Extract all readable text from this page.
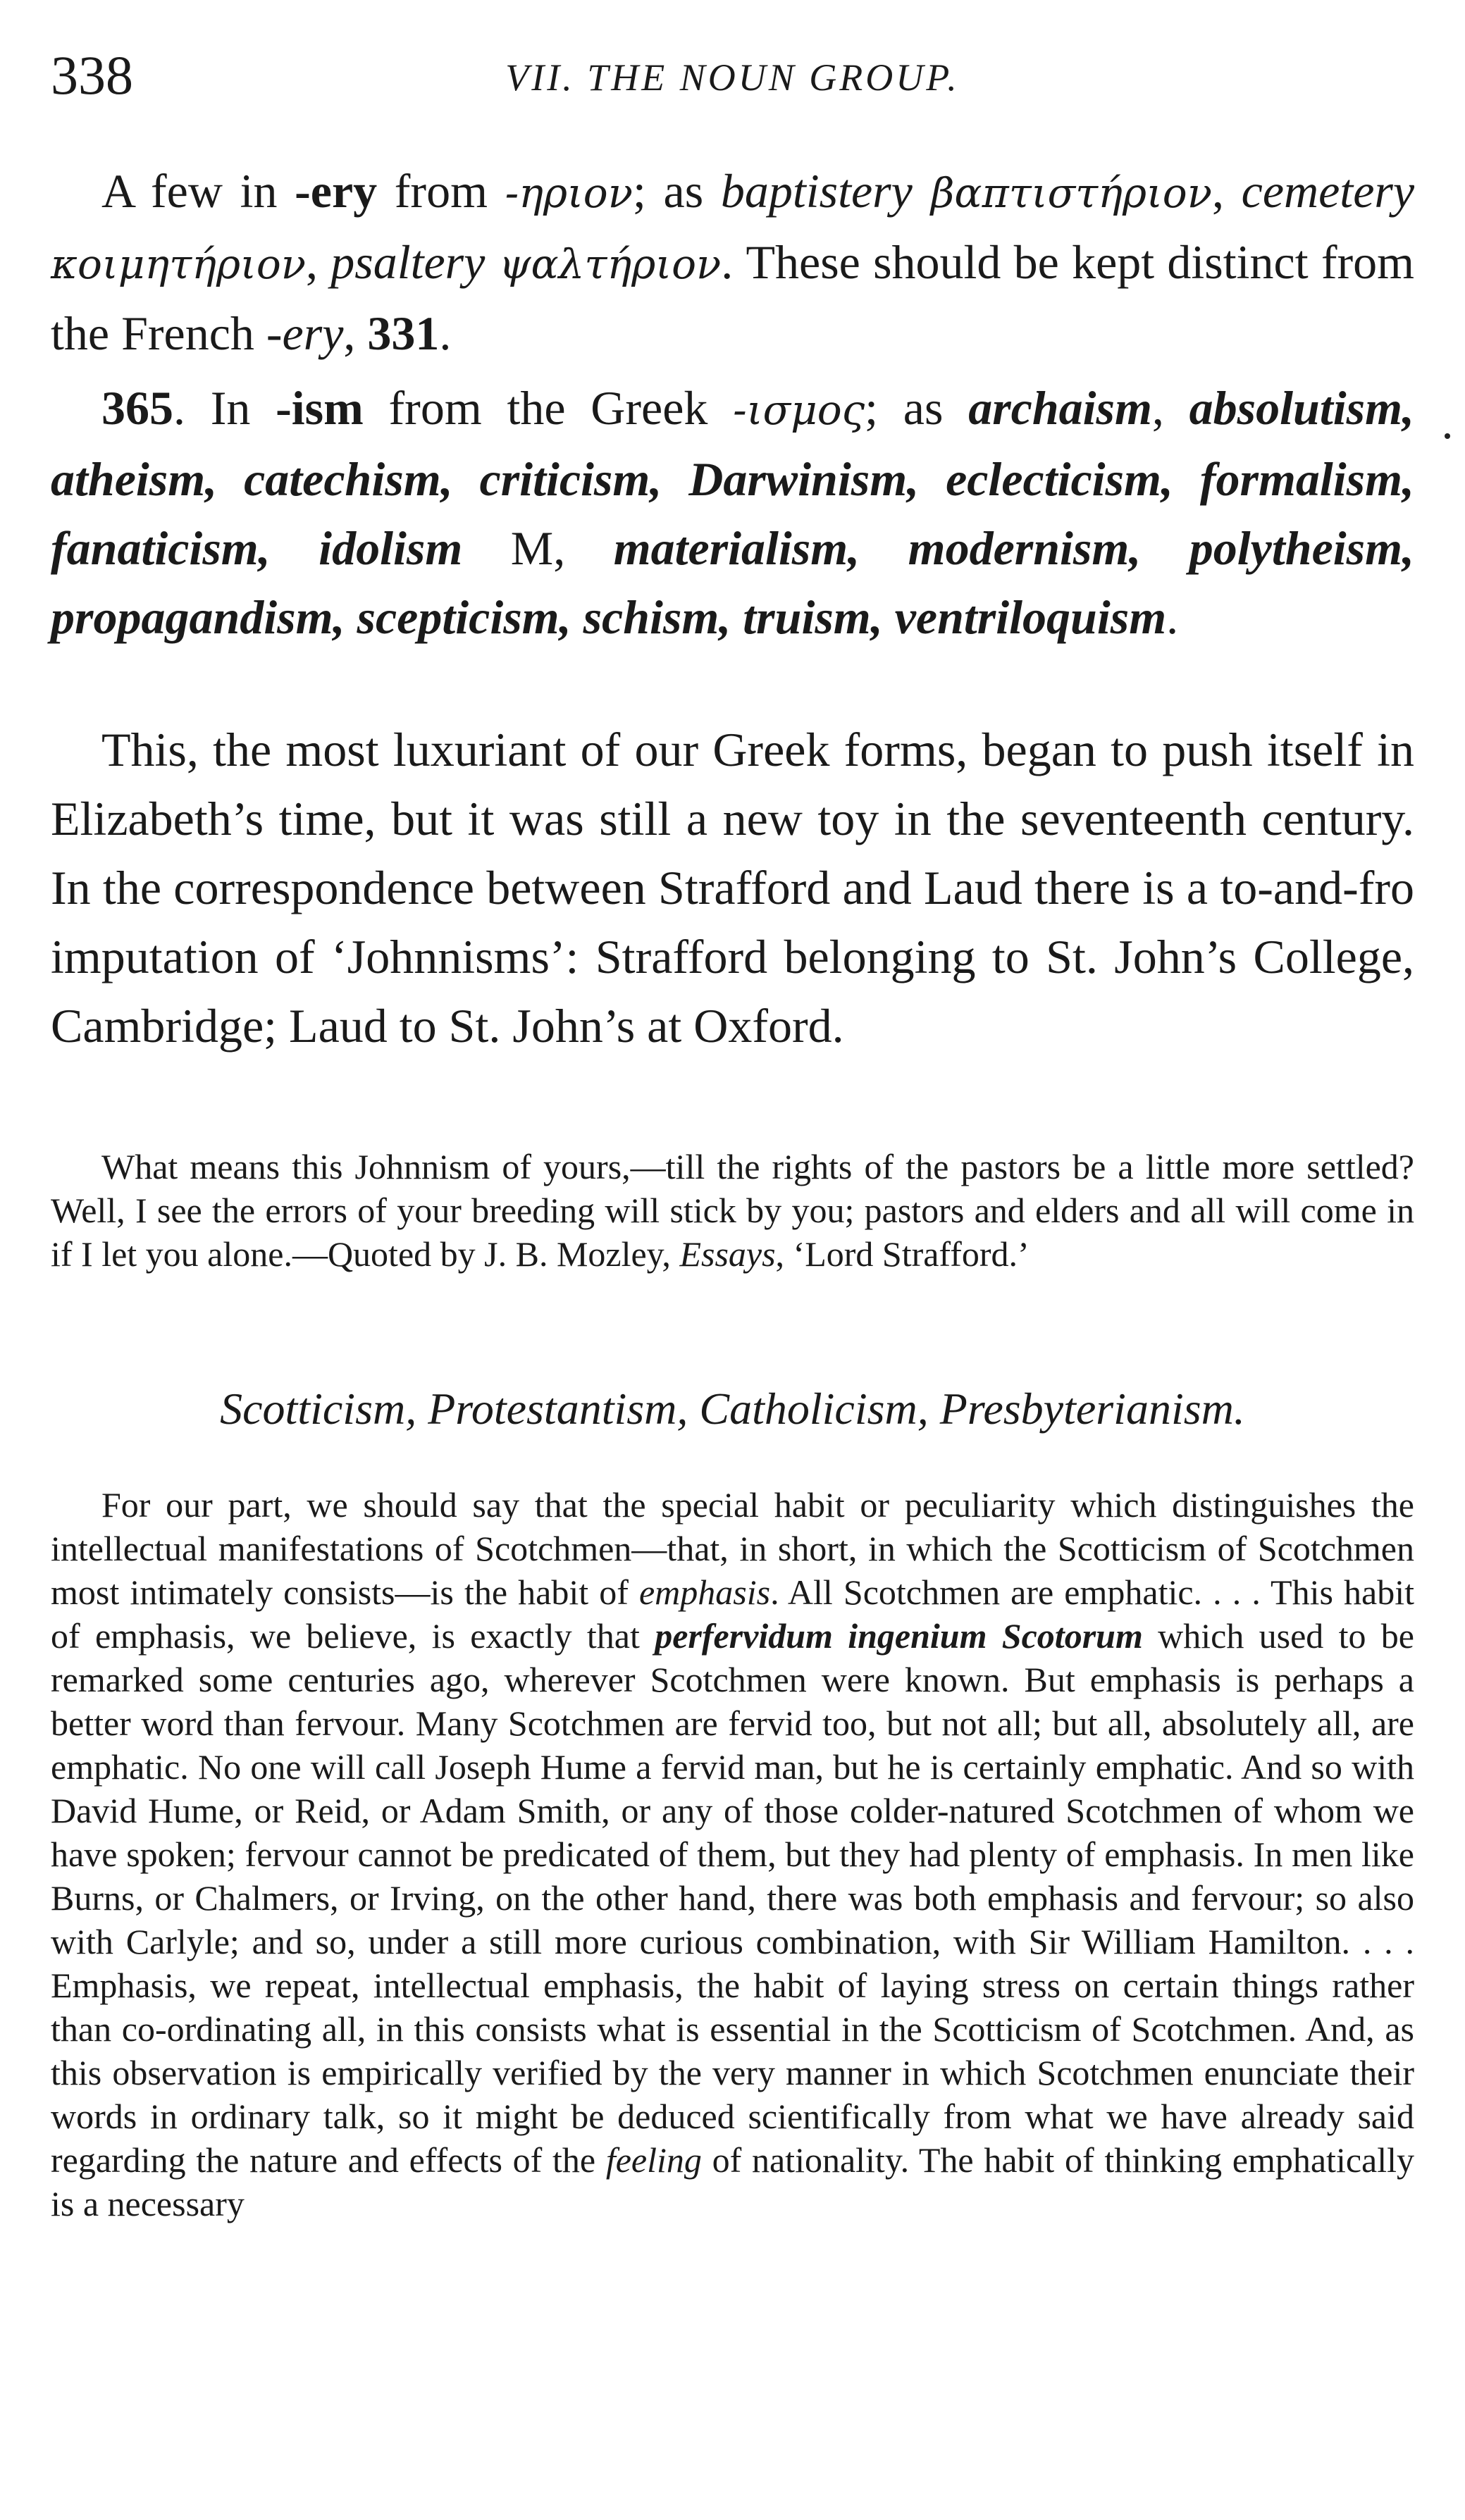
338	VII. THE NOUN GROUP.

A few in -ery from -ηριον; as baptistery βαπτιστήριον, cemetery κοιμητήριον, psaltery ψαλτήριον. These should be kept distinct from the French -ery, 331.

365. In -ism from the Greek -ισμος; as archaism, absolutism, atheism, catechism, criticism, Darwinism, eclecticism, formalism, fanaticism, idolism M, materialism, modernism, polytheism, propagandism, scepticism, schism, truism, ventriloquism.

This, the most luxuriant of our Greek forms, began to push itself in Elizabeth’s time, but it was still a new toy in the seventeenth century. In the correspondence between Strafford and Laud there is a to-and-fro imputation of ‘Johnnisms’: Strafford belonging to St. John’s College, Cambridge; Laud to St. John’s at Oxford.

What means this Johnnism of yours,—till the rights of the pastors be a little more settled? Well, I see the errors of your breeding will stick by you; pastors and elders and all will come in if I let you alone.—Quoted by J. B. Mozley, Essays, ‘Lord Strafford.’

Scotticism, Protestantism, Catholicism, Presbyterianism.

For our part, we should say that the special habit or peculiarity which distinguishes the intellectual manifestations of Scotchmen—that, in short, in which the Scotticism of Scotchmen most intimately consists—is the habit of emphasis. All Scotchmen are emphatic. . . . This habit of emphasis, we believe, is exactly that perfervidum ingenium Scotorum which used to be remarked some centuries ago, wherever Scotchmen were known. But emphasis is perhaps a better word than fervour. Many Scotchmen are fervid too, but not all; but all, absolutely all, are emphatic. No one will call Joseph Hume a fervid man, but he is certainly emphatic. And so with David Hume, or Reid, or Adam Smith, or any of those colder-natured Scotchmen of whom we have spoken; fervour cannot be predicated of them, but they had plenty of emphasis. In men like Burns, or Chalmers, or Irving, on the other hand, there was both emphasis and fervour; so also with Carlyle; and so, under a still more curious combination, with Sir William Hamilton. . . . Emphasis, we repeat, intellectual emphasis, the habit of laying stress on certain things rather than co-ordinating all, in this consists what is essential in the Scotticism of Scotchmen. And, as this observation is empirically verified by the very manner in which Scotchmen enunciate their words in ordinary talk, so it might be deduced scientifically from what we have already said regarding the nature and effects of the feeling of nationality. The habit of thinking emphatically is a necessary
